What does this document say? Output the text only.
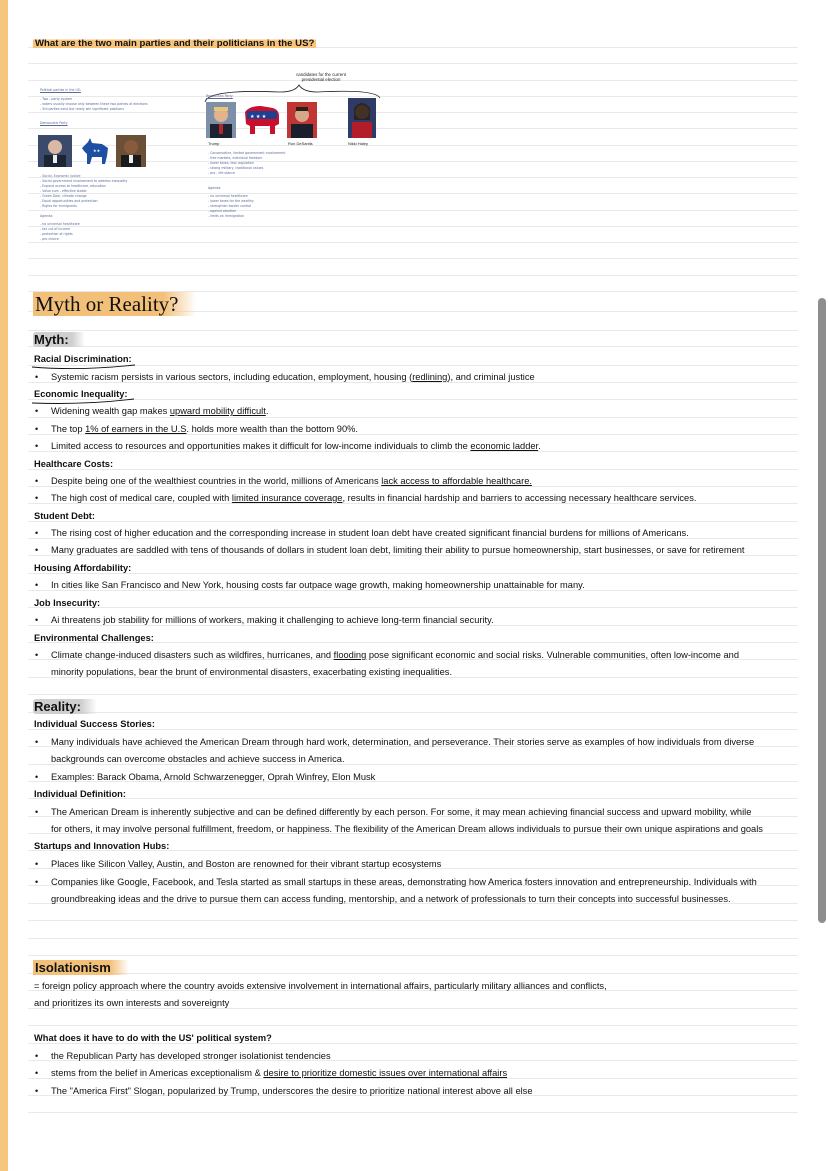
What are the two main parties and their politicians in the US?
candidates for the current presidential election
Political parties in the US:
- Two - party system
- voters usually choose only between these two parties at elections
- 3rd parties exist but rarely win significant positions
Democratic Party
★★
- Social, Economic justice
- Social government involvement to address inequality
- Expand access to healthcare, education
- Value sum - effective stable
- Green Deal, climate change
- Equal opportunities and protection
- Rights for immigrants
Agenda:
- no universal healthcare
- tax cut of income
- protection of rights
- pro choice
Republican Party
★ ★ ★
Trump	Ron DeSantis	Nikki Haley
- Conservative, limited government involvement
- free markets, individual freedom
- lower taxes, less regulation
- strong military, traditional values
- pro - life stance
Agenda:
- no universal healthcare
- lower taxes for the wealthy
- strengthen border control
- against abortion
- limits on immigration
Myth or Reality?
Myth:
Racial Discrimination:
• Systemic racism persists in various sectors, including education, employment, housing (redlining), and criminal justice
Economic Inequality:
• Widening wealth gap makes upward mobility difficult.
• The top 1% of earners in the U.S. holds more wealth than the bottom 90%.
• Limited access to resources and opportunities makes it difficult for low-income individuals to climb the economic ladder.
Healthcare Costs:
• Despite being one of the wealthiest countries in the world, millions of Americans lack access to affordable healthcare.
• The high cost of medical care, coupled with limited insurance coverage, results in financial hardship and barriers to accessing necessary healthcare services.
Student Debt:
• The rising cost of higher education and the corresponding increase in student loan debt have created significant financial burdens for millions of Americans.
• Many graduates are saddled with tens of thousands of dollars in student loan debt, limiting their ability to pursue homeownership, start businesses, or save for retirement
Housing Affordability:
• In cities like San Francisco and New York, housing costs far outpace wage growth, making homeownership unattainable for many.
Job Insecurity:
• Ai threatens job stability for millions of workers, making it challenging to achieve long-term financial security.
Environmental Challenges:
• Climate change-induced disasters such as wildfires, hurricanes, and flooding pose significant economic and social risks. Vulnerable communities, often low-income and
minority populations, bear the brunt of environmental disasters, exacerbating existing inequalities.
Reality:
Individual Success Stories:
• Many individuals have achieved the American Dream through hard work, determination, and perseverance. Their stories serve as examples of how individuals from diverse
backgrounds can overcome obstacles and achieve success in America.
• Examples: Barack Obama, Arnold Schwarzenegger, Oprah Winfrey, Elon Musk
Individual Definition:
• The American Dream is inherently subjective and can be defined differently by each person. For some, it may mean achieving financial success and upward mobility, while
for others, it may involve personal fulfillment, freedom, or happiness. The flexibility of the American Dream allows individuals to pursue their own unique aspirations and goals
Startups and Innovation Hubs:
• Places like Silicon Valley, Austin, and Boston are renowned for their vibrant startup ecosystems
• Companies like Google, Facebook, and Tesla started as small startups in these areas, demonstrating how America fosters innovation and entrepreneurship. Individuals with
groundbreaking ideas and the drive to pursue them can access funding, mentorship, and a network of professionals to turn their concepts into successful businesses.
Isolationism
= foreign policy approach where the country avoids extensive involvement in international affairs, particularly military alliances and conflicts,
and prioritizes its own interests and sovereignty
What does it have to do with the US' political system?
• the Republican Party has developed stronger isolationist tendencies
• stems from the belief in Americas exceptionalism & desire to prioritize domestic issues over international affairs
• The "America First" Slogan, popularized by Trump, underscores the desire to prioritize national interest above all else
